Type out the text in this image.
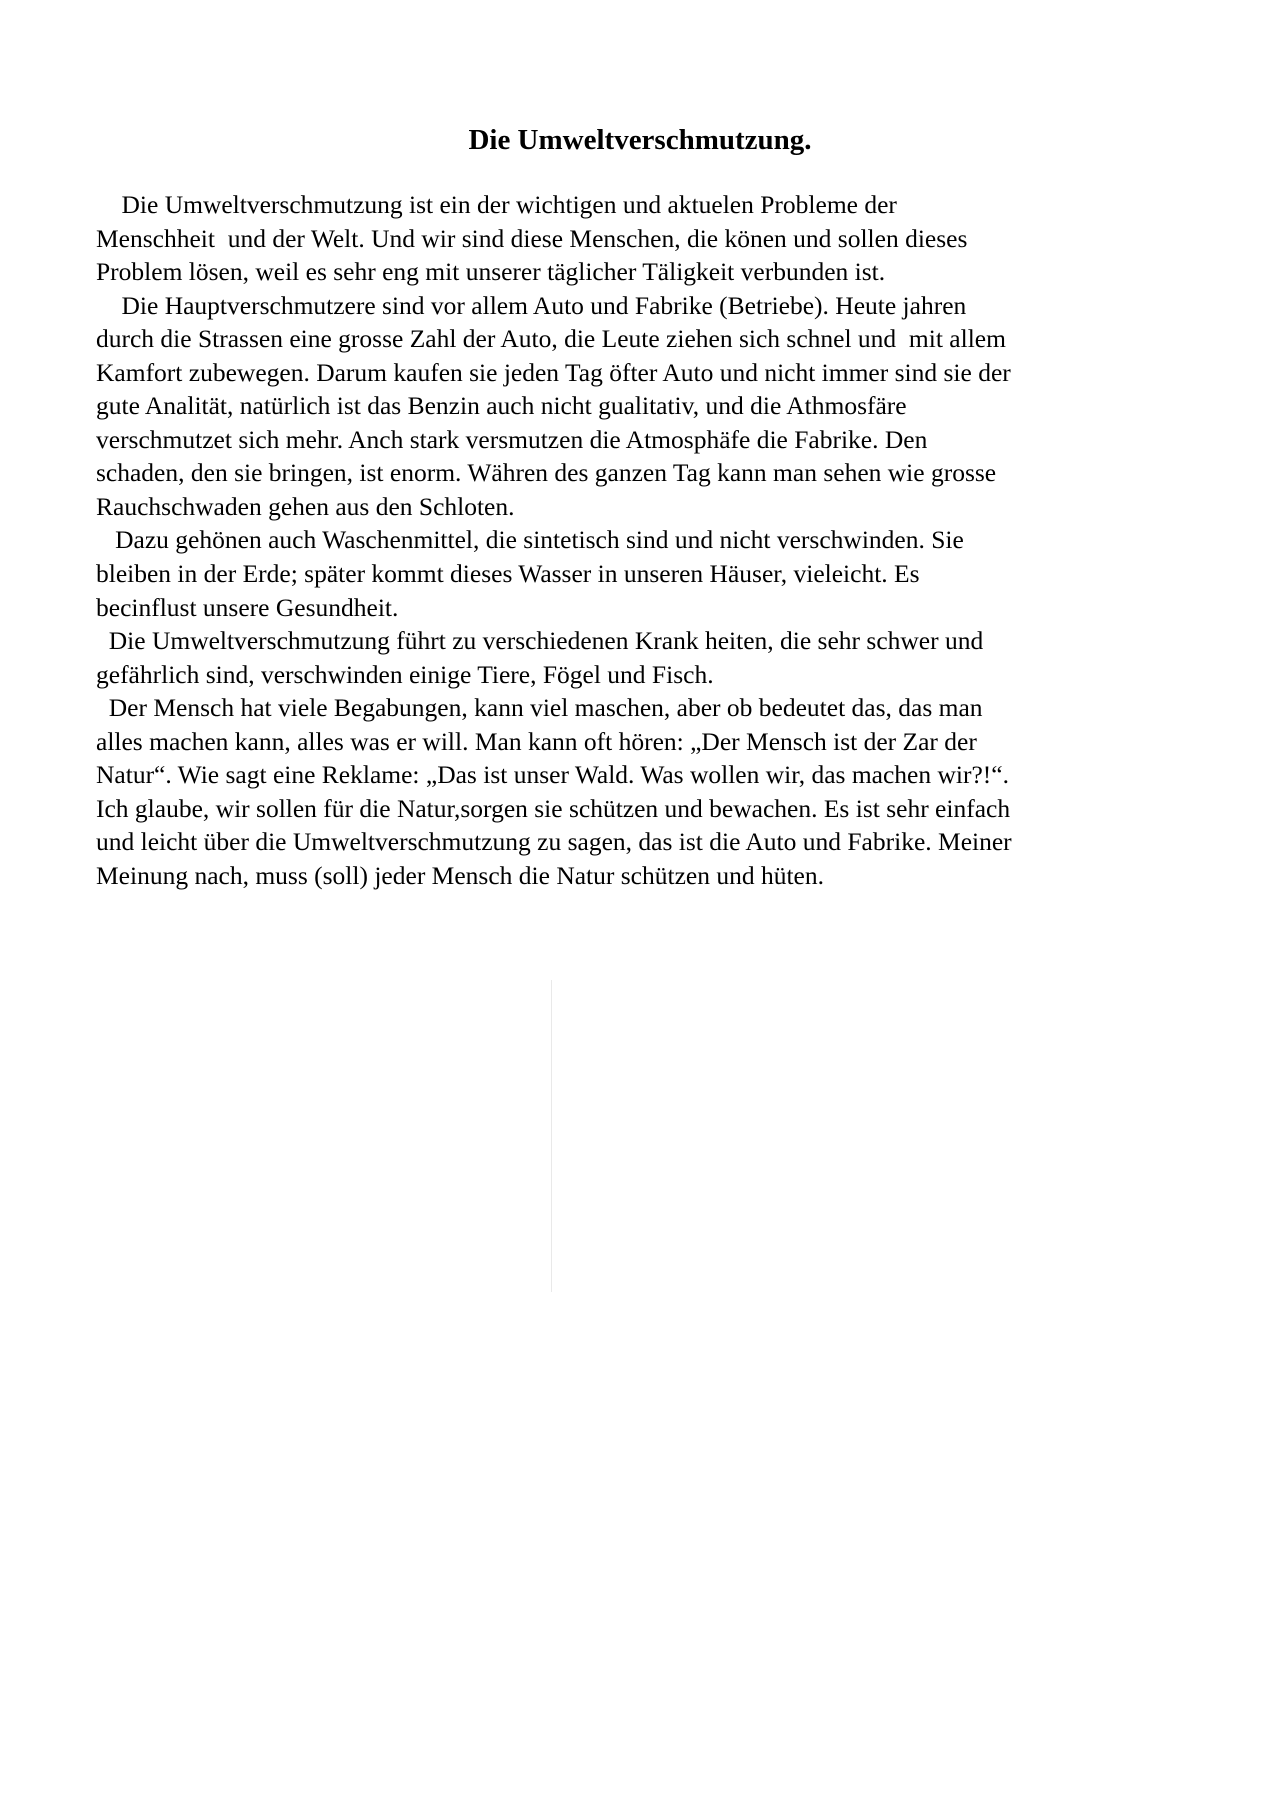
Die Umweltverschmutzung.
Die Umweltverschmutzung ist ein der wichtigen und aktuelen Probleme der
Menschheit  und der Welt. Und wir sind diese Menschen, die könen und sollen dieses
Problem lösen, weil es sehr eng mit unserer täglicher Täligkeit verbunden ist.
Die Hauptverschmutzere sind vor allem Auto und Fabrike (Betriebe). Heute jahren
durch die Strassen eine grosse Zahl der Auto, die Leute ziehen sich schnel und  mit allem
Kamfort zubewegen. Darum kaufen sie jeden Tag öfter Auto und nicht immer sind sie der
gute Analität, natürlich ist das Benzin auch nicht gualitativ, und die Athmosfäre
verschmutzet sich mehr. Anch stark versmutzen die Atmosphäfe die Fabrike. Den
schaden, den sie bringen, ist enorm. Währen des ganzen Tag kann man sehen wie grosse
Rauchschwaden gehen aus den Schloten.
Dazu gehönen auch Waschenmittel, die sintetisch sind und nicht verschwinden. Sie
bleiben in der Erde; später kommt dieses Wasser in unseren Häuser, vieleicht. Es
becinflust unsere Gesundheit.
Die Umweltverschmutzung führt zu verschiedenen Krank heiten, die sehr schwer und
gefährlich sind, verschwinden einige Tiere, Fögel und Fisch.
Der Mensch hat viele Begabungen, kann viel maschen, aber ob bedeutet das, das man
alles machen kann, alles was er will. Man kann oft hören: „Der Mensch ist der Zar der
Natur“. Wie sagt eine Reklame: „Das ist unser Wald. Was wollen wir, das machen wir?!“.
Ich glaube, wir sollen für die Natur,sorgen sie schützen und bewachen. Es ist sehr einfach
und leicht über die Umweltverschmutzung zu sagen, das ist die Auto und Fabrike. Meiner
Meinung nach, muss (soll) jeder Mensch die Natur schützen und hüten.
